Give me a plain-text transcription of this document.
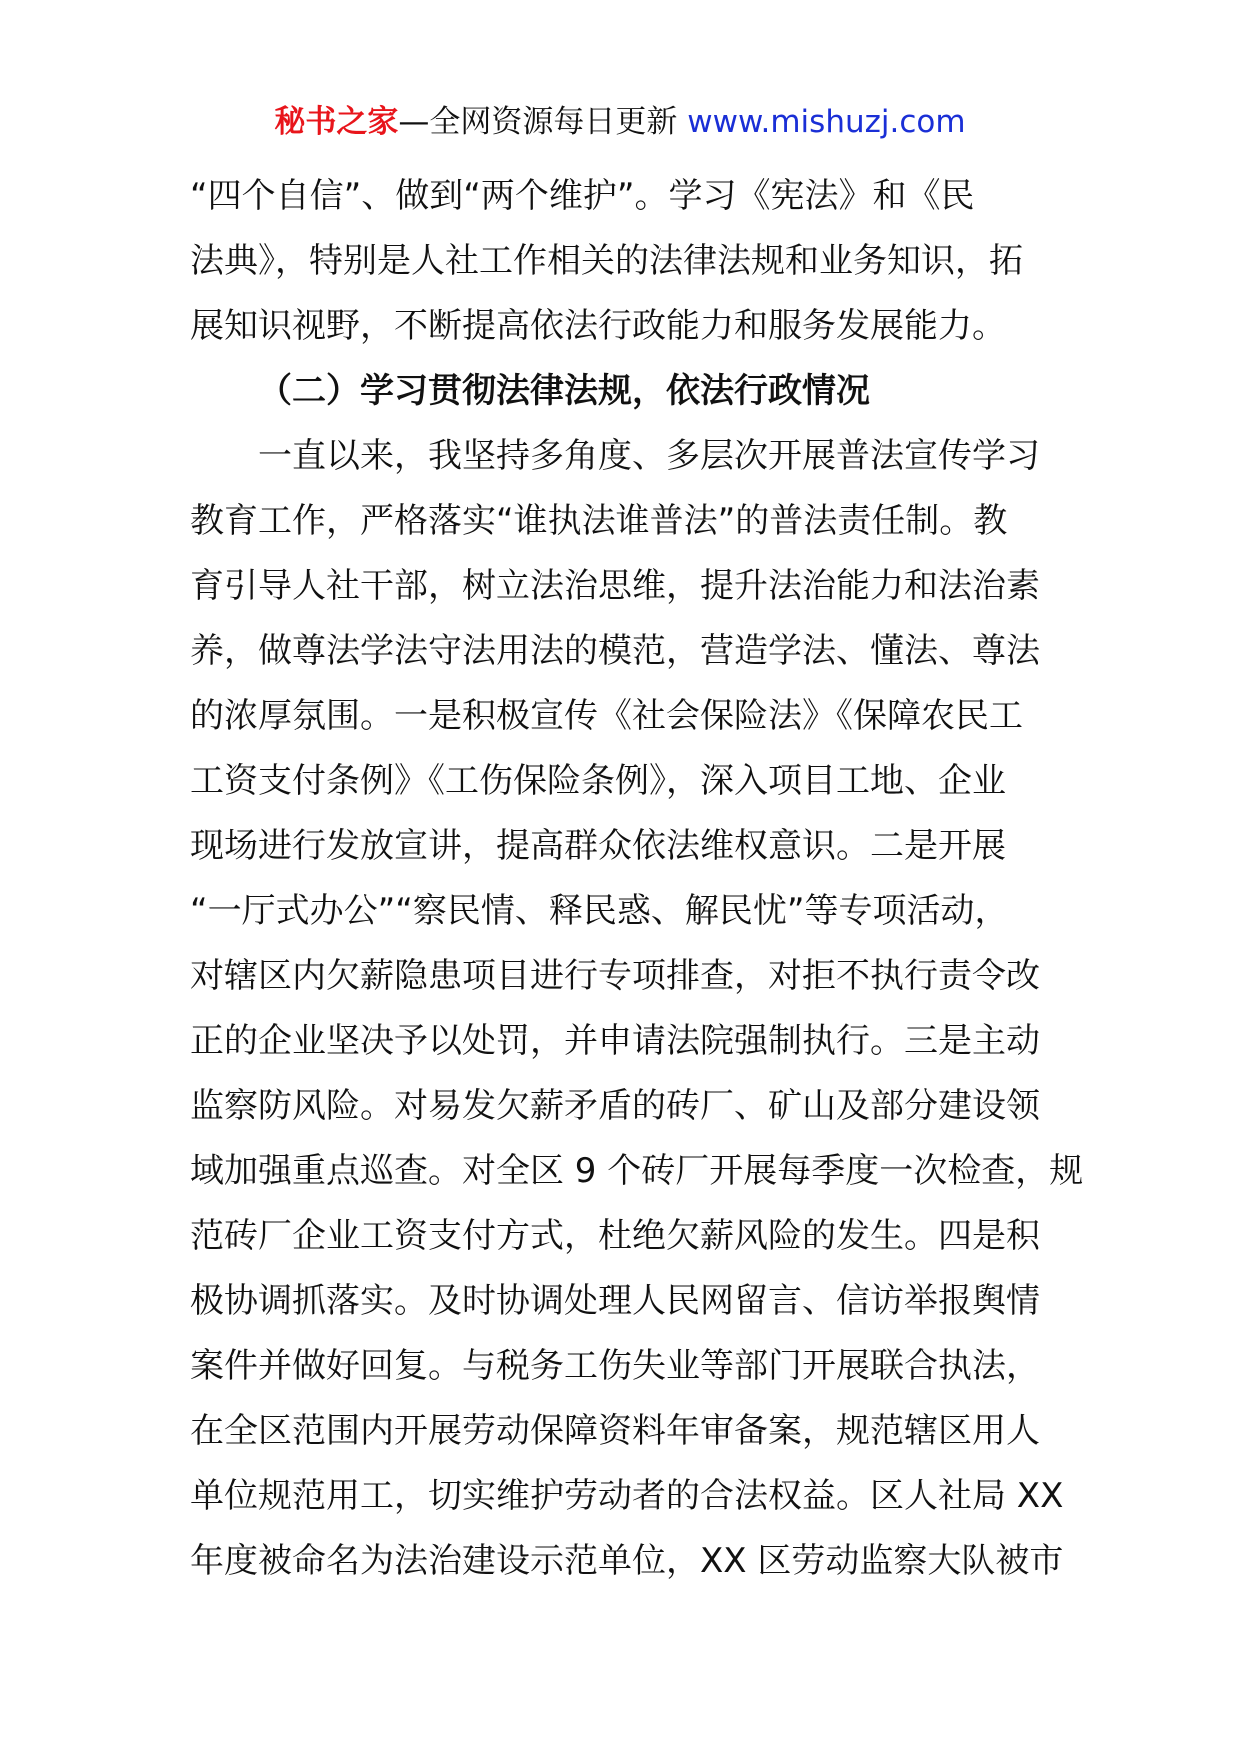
秘书之家—全网资源每日更新 www.mishuzj.com
“四个自信”、做到“两个维护”。学习《宪法》和《民
法典》，特别是人社工作相关的法律法规和业务知识，拓
展知识视野，不断提高依法行政能力和服务发展能力。
（二）学习贯彻法律法规，依法行政情况
一直以来，我坚持多角度、多层次开展普法宣传学习
教育工作，严格落实“谁执法谁普法”的普法责任制。教
育引导人社干部，树立法治思维，提升法治能力和法治素
养，做尊法学法守法用法的模范，营造学法、懂法、尊法
的浓厚氛围。一是积极宣传《社会保险法》《保障农民工
工资支付条例》《工伤保险条例》，深入项目工地、企业
现场进行发放宣讲，提高群众依法维权意识。二是开展
“一厅式办公”“察民情、释民惑、解民忧”等专项活动，
对辖区内欠薪隐患项目进行专项排查，对拒不执行责令改
正的企业坚决予以处罚，并申请法院强制执行。三是主动
监察防风险。对易发欠薪矛盾的砖厂、矿山及部分建设领
域加强重点巡查。对全区 9 个砖厂开展每季度一次检查，规
范砖厂企业工资支付方式，杜绝欠薪风险的发生。四是积
极协调抓落实。及时协调处理人民网留言、信访举报舆情
案件并做好回复。与税务工伤失业等部门开展联合执法，
在全区范围内开展劳动保障资料年审备案，规范辖区用人
单位规范用工，切实维护劳动者的合法权益。区人社局 XX
年度被命名为法治建设示范单位，XX 区劳动监察大队被市
